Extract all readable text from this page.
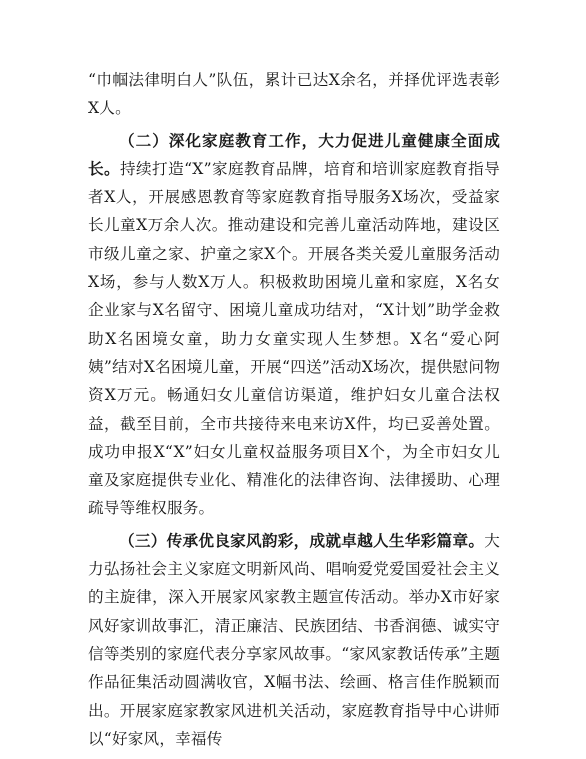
“巾帼法律明白人”队伍，累计已达X余名，并择优评选表彰X人。

（二）深化家庭教育工作，大力促进儿童健康全面成长。持续打造“X”家庭教育品牌，培育和培训家庭教育指导者X人，开展感恩教育等家庭教育指导服务X场次，受益家长儿童X万余人次。推动建设和完善儿童活动阵地，建设区市级儿童之家、护童之家X个。开展各类关爱儿童服务活动X场，参与人数X万人。积极救助困境儿童和家庭，X名女企业家与X名留守、困境儿童成功结对，“X计划”助学金救助X名困境女童，助力女童实现人生梦想。X名“爱心阿姨”结对X名困境儿童，开展“四送”活动X场次，提供慰问物资X万元。畅通妇女儿童信访渠道，维护妇女儿童合法权益，截至目前，全市共接待来电来访X件，均已妥善处置。成功申报X“X”妇女儿童权益服务项目X个，为全市妇女儿童及家庭提供专业化、精准化的法律咨询、法律援助、心理疏导等维权服务。

（三）传承优良家风韵彩，成就卓越人生华彩篇章。大力弘扬社会主义家庭文明新风尚、唱响爱党爱国爱社会主义的主旋律，深入开展家风家教主题宣传活动。举办X市好家风好家训故事汇，清正廉洁、民族团结、书香润德、诚实守信等类别的家庭代表分享家风故事。“家风家教话传承”主题作品征集活动圆满收官，X幅书法、绘画、格言佳作脱颖而出。开展家庭家教家风进机关活动，家庭教育指导中心讲师以“好家风，幸福传
